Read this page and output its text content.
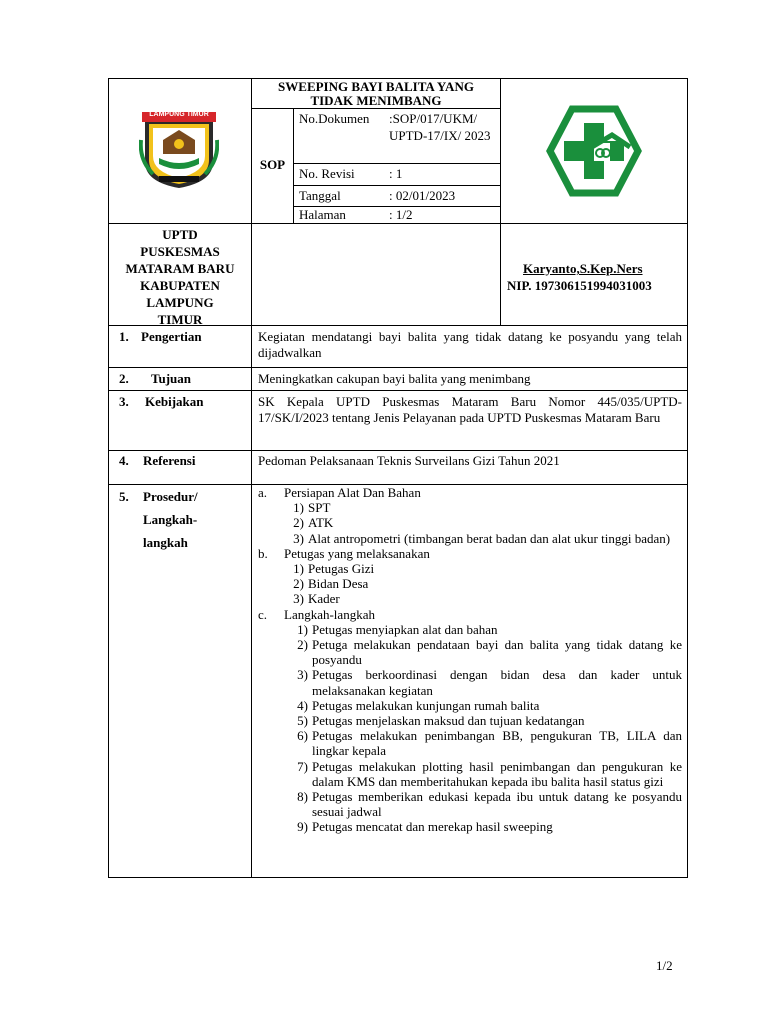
LAMPUNG TIMUR
SWEEPING BAYI BALITA YANG
TIDAK MENIMBANG
SOP
No.Dokumen :SOP/017/UKM/ UPTD-17/IX/ 2023
No. Revisi	: 1
Tanggal	: 02/01/2023
Halaman	: 1/2
UPTD
PUSKESMAS
MATARAM BARU
KABUPATEN
LAMPUNG
TIMUR
Karyanto,S.Kep.Ners
NIP. 197306151994031003
1. Pengertian	Kegiatan mendatangi bayi balita yang tidak datang ke posyandu yang telah dijadwalkan
2. Tujuan	Meningkatkan cakupan bayi balita yang menimbang
3. Kebijakan	SK Kepala UPTD Puskesmas Mataram Baru Nomor 445/035/UPTD-17/SK/I/2023 tentang Jenis Pelayanan pada UPTD Puskesmas Mataram Baru
4. Referensi	Pedoman Pelaksanaan Teknis Surveilans Gizi Tahun 2021
5. Prosedur/
Langkah-
langkah
a.	Persiapan Alat Dan Bahan
1) SPT
2) ATK
3) Alat antropometri (timbangan berat badan dan alat ukur tinggi badan)
b.	Petugas yang melaksanakan
1) Petugas Gizi
2) Bidan Desa
3) Kader
c.	Langkah-langkah
1) Petugas menyiapkan alat dan bahan
2) Petuga melakukan pendataan bayi dan balita yang tidak datang ke posyandu
3) Petugas berkoordinasi dengan bidan desa dan kader untuk melaksanakan kegiatan
4) Petugas melakukan kunjungan rumah balita
5) Petugas menjelaskan maksud dan tujuan kedatangan
6) Petugas melakukan penimbangan BB, pengukuran TB, LILA dan lingkar kepala
7) Petugas melakukan plotting hasil penimbangan dan pengukuran ke dalam KMS dan memberitahukan kepada ibu balita hasil status gizi
8) Petugas memberikan edukasi kepada ibu untuk datang ke posyandu sesuai jadwal
9) Petugas mencatat dan merekap hasil sweeping
1/2
